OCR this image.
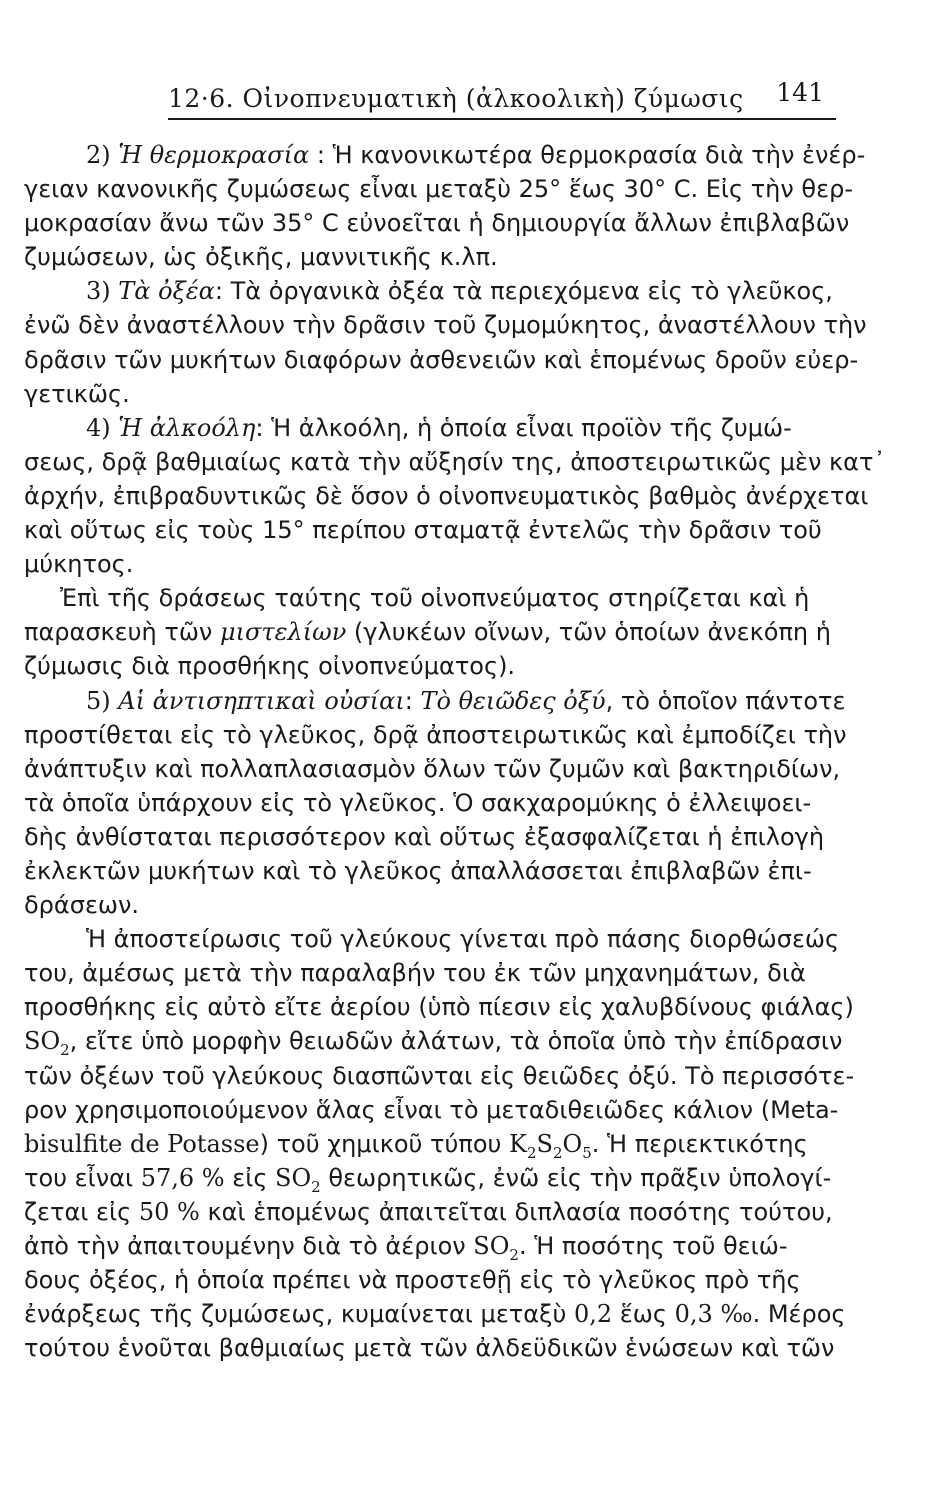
12·6. Οἰνοπνευματικὴ (ἀλκοολικὴ) ζύμωσις 141
2) Ἡ θερμοκρασία : Ἡ κανονικωτέρα θερμοκρασία διὰ τὴν ἐνέρ-
γειαν κανονικῆς ζυμώσεως εἶναι μεταξὺ 25° ἕως 30° C. Εἰς τὴν θερ-
μοκρασίαν ἄνω τῶν 35° C εὐνοεῖται ἡ δημιουργία ἄλλων ἐπιβλαβῶν
ζυμώσεων, ὡς ὀξικῆς, μαννιτικῆς κ.λπ.
3) Τὰ ὀξέα: Τὰ ὀργανικὰ ὀξέα τὰ περιεχόμενα εἰς τὸ γλεῦκος,
ἐνῶ δὲν ἀναστέλλουν τὴν δρᾶσιν τοῦ ζυμομύκητος, ἀναστέλλουν τὴν
δρᾶσιν τῶν μυκήτων διαφόρων ἀσθενειῶν καὶ ἑπομένως δροῦν εὐερ-
γετικῶς.
4) Ἡ ἀλκοόλη: Ἡ ἀλκοόλη, ἡ ὁποία εἶναι προϊὸν τῆς ζυμώ-
σεως, δρᾷ βαθμιαίως κατὰ τὴν αὔξησίν της, ἀποστειρωτικῶς μὲν κατ᾽
ἀρχήν, ἐπιβραδυντικῶς δὲ ὅσον ὁ οἰνοπνευματικὸς βαθμὸς ἀνέρχεται
καὶ οὕτως εἰς τοὺς 15° περίπου σταματᾷ ἐντελῶς τὴν δρᾶσιν τοῦ
μύκητος.
Ἐπὶ τῆς δράσεως ταύτης τοῦ οἰνοπνεύματος στηρίζεται καὶ ἡ
παρασκευὴ τῶν μιστελίων (γλυκέων οἴνων, τῶν ὁποίων ἀνεκόπη ἡ
ζύμωσις διὰ προσθήκης οἰνοπνεύματος).
5) Αἱ ἀντισηπτικαὶ οὐσίαι: Τὸ θειῶδες ὀξύ, τὸ ὁποῖον πάντοτε
προστίθεται εἰς τὸ γλεῦκος, δρᾷ ἀποστειρωτικῶς καὶ ἐμποδίζει τὴν
ἀνάπτυξιν καὶ πολλαπλασιασμὸν ὅλων τῶν ζυμῶν καὶ βακτηριδίων,
τὰ ὁποῖα ὑπάρχουν εἰς τὸ γλεῦκος. Ὁ σακχαρομύκης ὁ ἐλλειψοει-
δὴς ἀνθίσταται περισσότερον καὶ οὕτως ἐξασφαλίζεται ἡ ἐπιλογὴ
ἐκλεκτῶν μυκήτων καὶ τὸ γλεῦκος ἀπαλλάσσεται ἐπιβλαβῶν ἐπι-
δράσεων.
Ἡ ἀποστείρωσις τοῦ γλεύκους γίνεται πρὸ πάσης διορθώσεώς
του, ἀμέσως μετὰ τὴν παραλαβήν του ἐκ τῶν μηχανημάτων, διὰ
προσθήκης εἰς αὐτὸ εἴτε ἀερίου (ὑπὸ πίεσιν εἰς χαλυβδίνους φιάλας)
$SO_2$, εἴτε ὑπὸ μορφὴν θειωδῶν ἀλάτων, τὰ ὁποῖα ὑπὸ τὴν ἐπίδρασιν
τῶν ὀξέων τοῦ γλεύκους διασπῶνται εἰς θειῶδες ὀξύ. Τὸ περισσότε-
ρον χρησιμοποιούμενον ἅλας εἶναι τὸ μεταδιθειῶδες κάλιον (Meta-
bisulfite de Potasse) τοῦ χημικοῦ τύπου $K_2S_2O_5$. Ἡ περιεκτικότης
του εἶναι 57,6 % εἰς $SO_2$ θεωρητικῶς, ἐνῶ εἰς τὴν πρᾶξιν ὑπολογί-
ζεται εἰς 50 % καὶ ἑπομένως ἀπαιτεῖται διπλασία ποσότης τούτου,
ἀπὸ τὴν ἀπαιτουμένην διὰ τὸ ἀέριον $SO_2$. Ἡ ποσότης τοῦ θειώ-
δους ὀξέος, ἡ ὁποία πρέπει νὰ προστεθῇ εἰς τὸ γλεῦκος πρὸ τῆς
ἐνάρξεως τῆς ζυμώσεως, κυμαίνεται μεταξὺ 0,2 ἕως 0,3 ‰. Μέρος
τούτου ἑνοῦται βαθμιαίως μετὰ τῶν ἀλδεϋδικῶν ἑνώσεων καὶ τῶν
